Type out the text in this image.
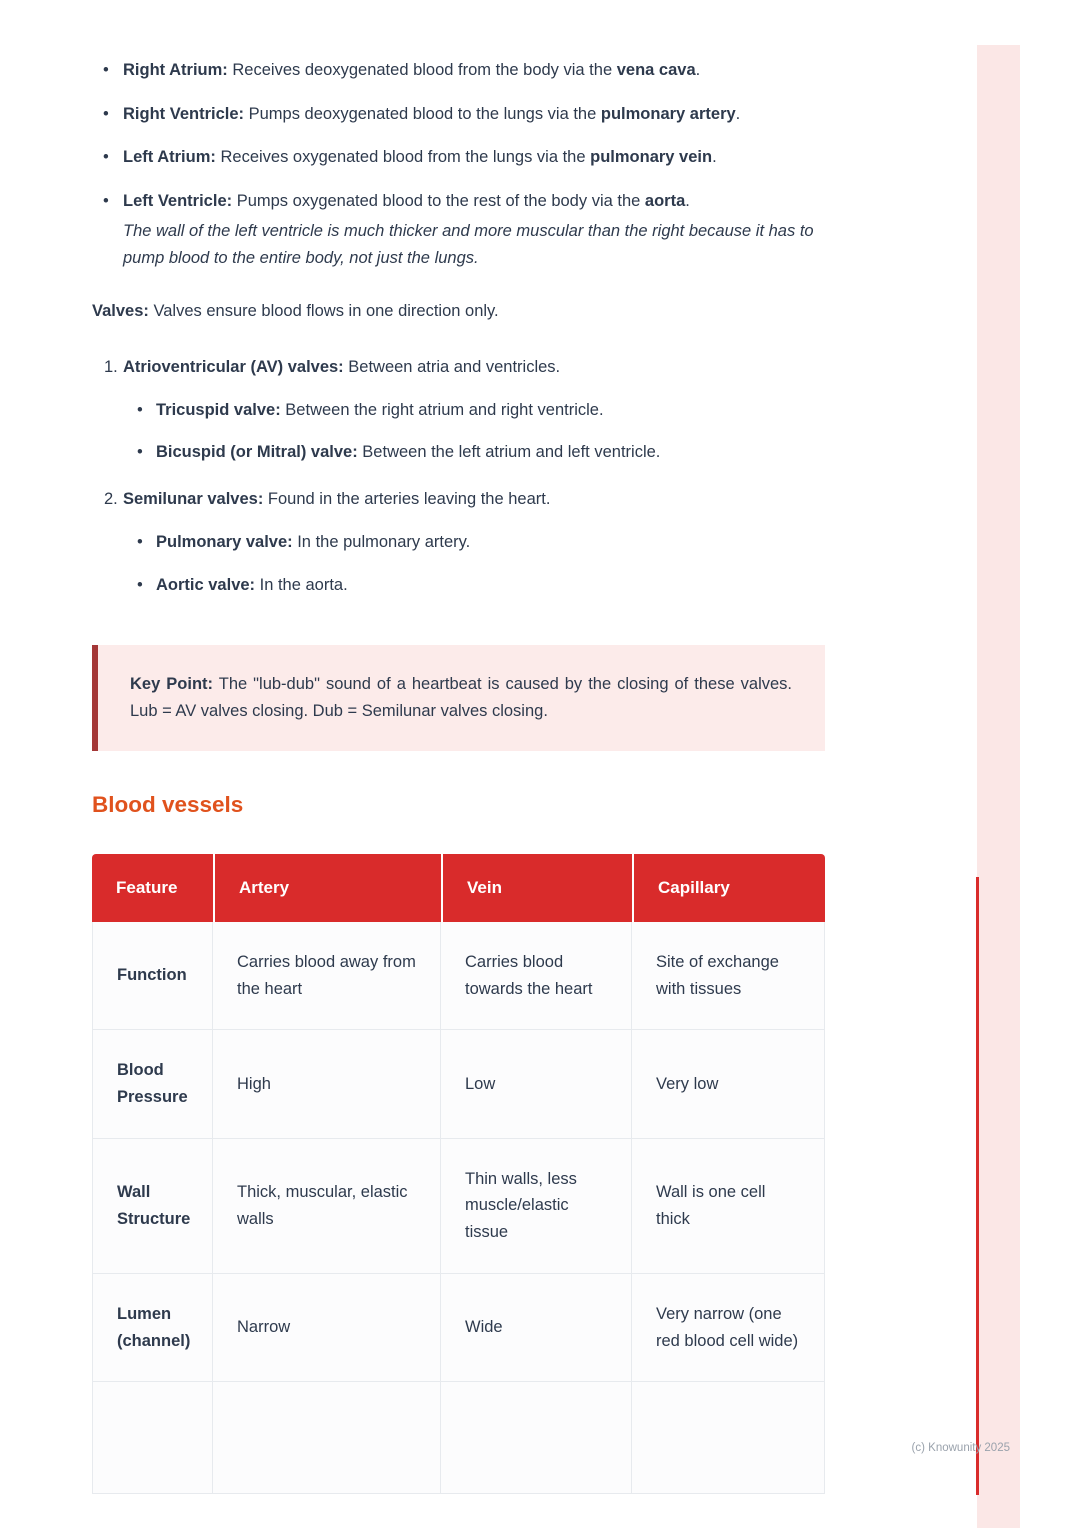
• Right Atrium: Receives deoxygenated blood from the body via the vena cava.
• Right Ventricle: Pumps deoxygenated blood to the lungs via the pulmonary artery.
• Left Atrium: Receives oxygenated blood from the lungs via the pulmonary vein.
• Left Ventricle: Pumps oxygenated blood to the rest of the body via the aorta.
The wall of the left ventricle is much thicker and more muscular than the right because it has to pump blood to the entire body, not just the lungs.

Valves: Valves ensure blood flows in one direction only.

1. Atrioventricular (AV) valves: Between atria and ventricles.
• Tricuspid valve: Between the right atrium and right ventricle.
• Bicuspid (or Mitral) valve: Between the left atrium and left ventricle.
2. Semilunar valves: Found in the arteries leaving the heart.
• Pulmonary valve: In the pulmonary artery.
• Aortic valve: In the aorta.
Key Point: The "lub-dub" sound of a heartbeat is caused by the closing of these valves. Lub = AV valves closing. Dub = Semilunar valves closing.
Blood vessels
Feature	Artery	Vein	Capillary
Function	Carries blood away from the heart	Carries blood towards the heart	Site of exchange with tissues
Blood Pressure	High	Low	Very low
Wall Structure	Thick, muscular, elastic walls	Thin walls, less muscle/elastic tissue	Wall is one cell thick
Lumen (channel)	Narrow	Wide	Very narrow (one red blood cell wide)

(c) Knowunity 2025
